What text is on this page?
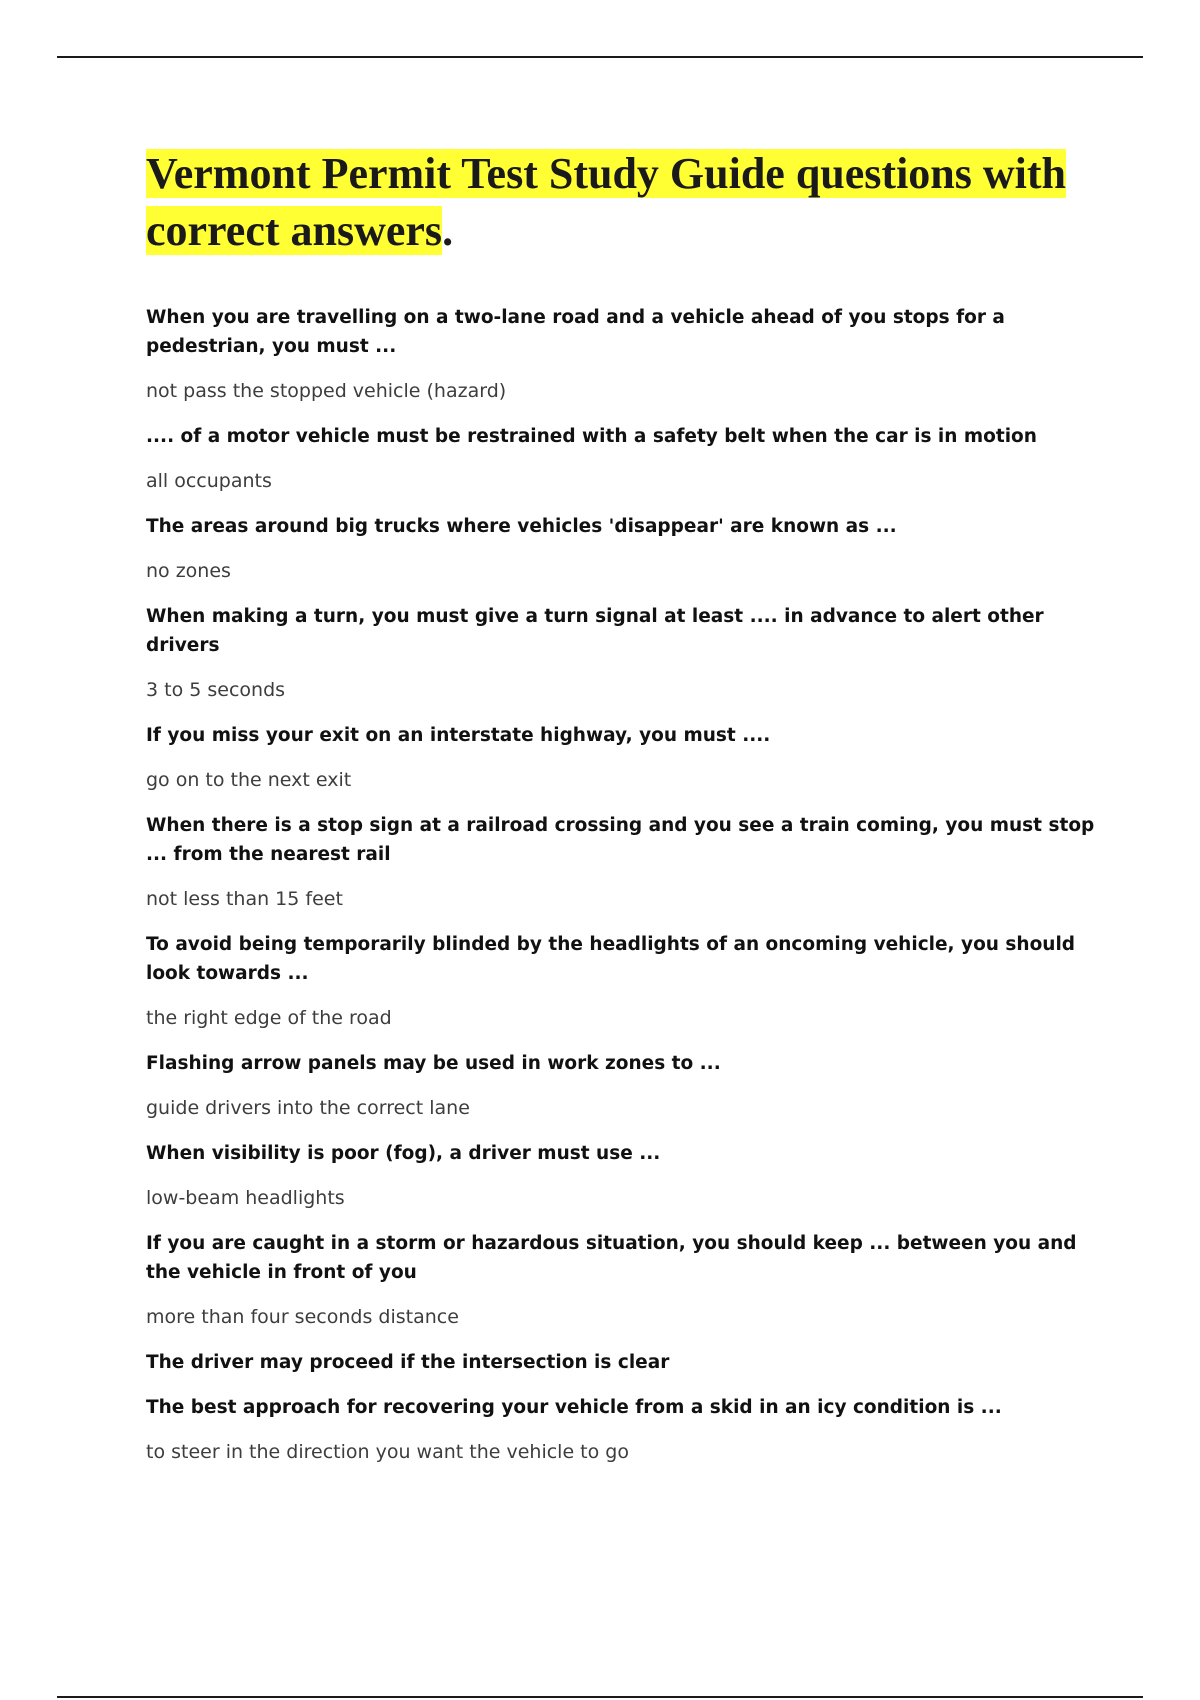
Vermont Permit Test Study Guide questions with correct answers.

When you are travelling on a two-lane road and a vehicle ahead of you stops for a pedestrian, you must ...

not pass the stopped vehicle (hazard)

.... of a motor vehicle must be restrained with a safety belt when the car is in motion

all occupants

The areas around big trucks where vehicles 'disappear' are known as ...

no zones

When making a turn, you must give a turn signal at least .... in advance to alert other drivers

3 to 5 seconds

If you miss your exit on an interstate highway, you must ....

go on to the next exit

When there is a stop sign at a railroad crossing and you see a train coming, you must stop ... from the nearest rail

not less than 15 feet

To avoid being temporarily blinded by the headlights of an oncoming vehicle, you should look towards ...

the right edge of the road

Flashing arrow panels may be used in work zones to ...

guide drivers into the correct lane

When visibility is poor (fog), a driver must use ...

low-beam headlights

If you are caught in a storm or hazardous situation, you should keep ... between you and the vehicle in front of you

more than four seconds distance

The driver may proceed if the intersection is clear

The best approach for recovering your vehicle from a skid in an icy condition is ...

to steer in the direction you want the vehicle to go
